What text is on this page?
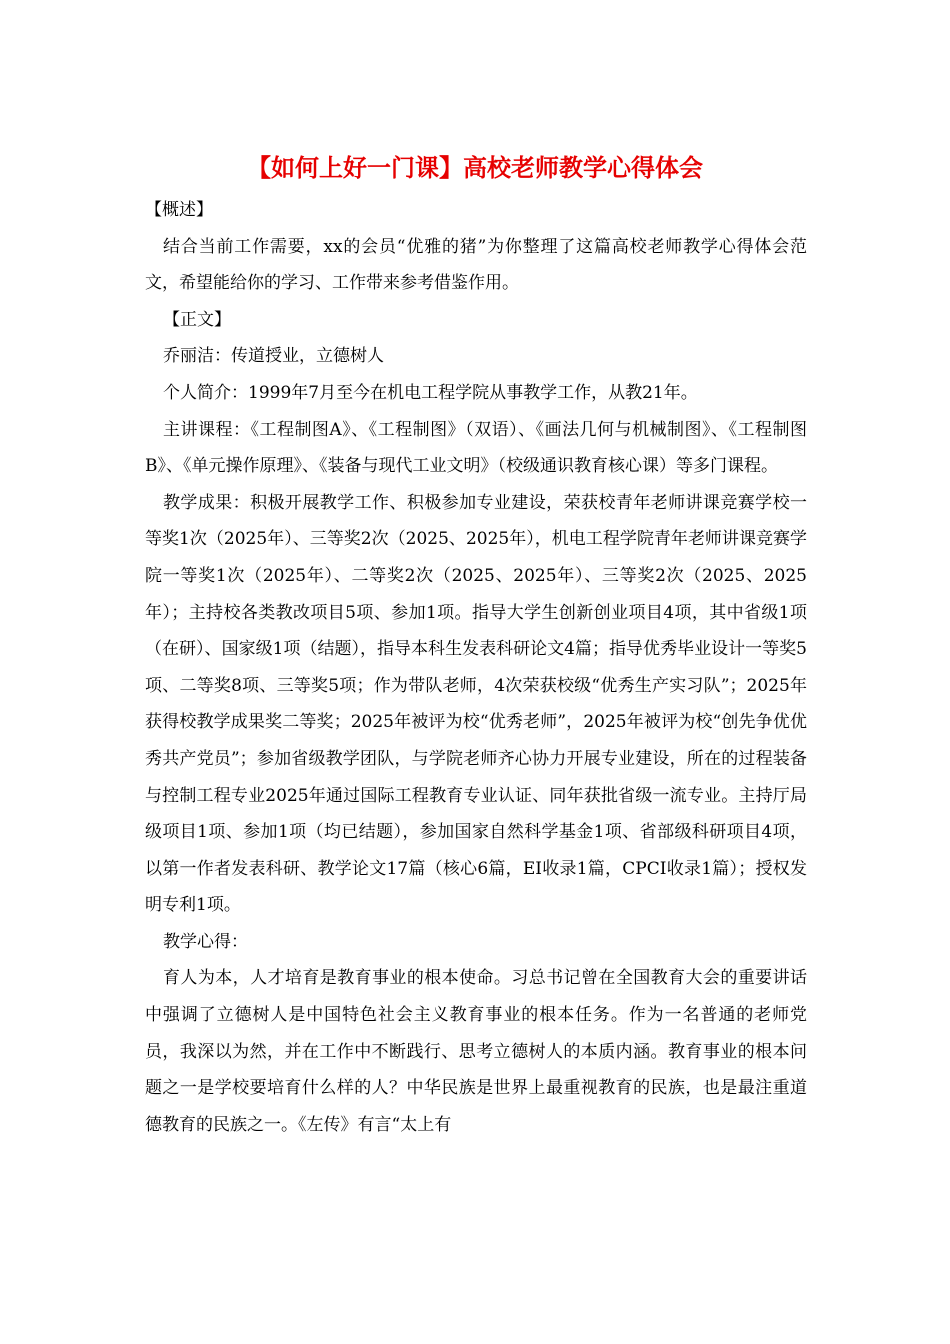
【如何上好一门课】高校老师教学心得体会

【概述】

结合当前工作需要，xx的会员“优雅的猪”为你整理了这篇高校老师教学心得体会范文，希望能给你的学习、工作带来参考借鉴作用。

【正文】

乔丽洁：传道授业，立德树人

个人简介：1999年7月至今在机电工程学院从事教学工作，从教21年。

主讲课程：《工程制图A》、《工程制图》（双语）、《画法几何与机械制图》、《工程制图B》、《单元操作原理》、《装备与现代工业文明》（校级通识教育核心课）等多门课程。

教学成果：积极开展教学工作、积极参加专业建设，荣获校青年老师讲课竞赛学校一等奖1次（2025年）、三等奖2次（2025、2025年），机电工程学院青年老师讲课竞赛学院一等奖1次（2025年）、二等奖2次（2025、2025年）、三等奖2次（2025、2025年）；主持校各类教改项目5项、参加1项。指导大学生创新创业项目4项，其中省级1项（在研）、国家级1项（结题），指导本科生发表科研论文4篇；指导优秀毕业设计一等奖5项、二等奖8项、三等奖5项；作为带队老师，4次荣获校级“优秀生产实习队”；2025年获得校教学成果奖二等奖；2025年被评为校“优秀老师”，2025年被评为校“创先争优优秀共产党员”；参加省级教学团队，与学院老师齐心协力开展专业建设，所在的过程装备与控制工程专业2025年通过国际工程教育专业认证、同年获批省级一流专业。主持厅局级项目1项、参加1项（均已结题），参加国家自然科学基金1项、省部级科研项目4项，以第一作者发表科研、教学论文17篇（核心6篇，EI收录1篇，CPCI收录1篇）；授权发明专利1项。

教学心得：

育人为本，人才培育是教育事业的根本使命。习总书记曾在全国教育大会的重要讲话中强调了立德树人是中国特色社会主义教育事业的根本任务。作为一名普通的老师党员，我深以为然，并在工作中不断践行、思考立德树人的本质内涵。教育事业的根本问题之一是学校要培育什么样的人？中华民族是世界上最重视教育的民族，也是最注重道德教育的民族之一。《左传》有言“太上有
